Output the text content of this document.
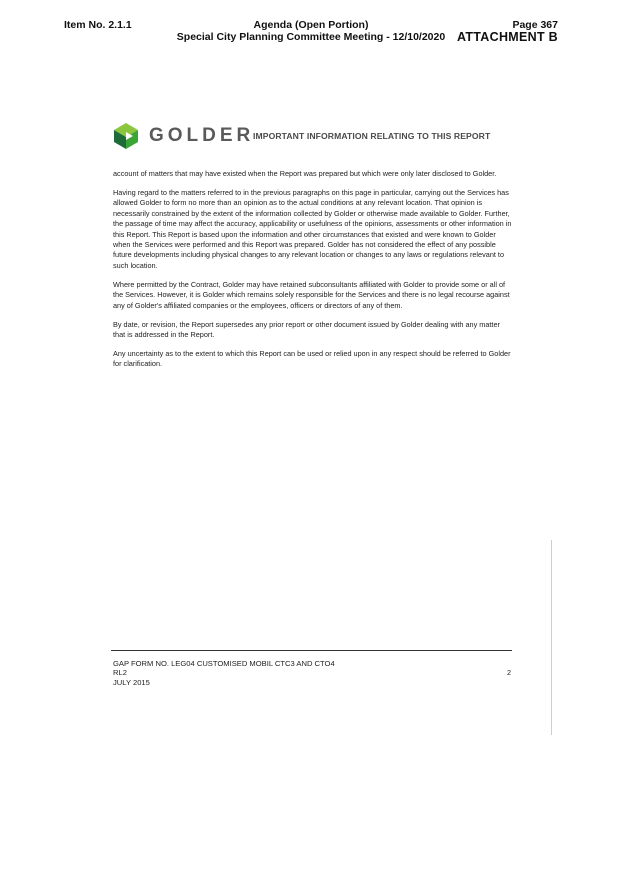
Item No. 2.1.1	Agenda (Open Portion)
Special City Planning Committee Meeting - 12/10/2020
Page 367
ATTACHMENT B
GOLDER
IMPORTANT INFORMATION RELATING TO THIS REPORT

account of matters that may have existed when the Report was prepared but which were only later disclosed to Golder.

Having regard to the matters referred to in the previous paragraphs on this page in particular, carrying out the Services has allowed Golder to form no more than an opinion as to the actual conditions at any relevant location. That opinion is necessarily constrained by the extent of the information collected by Golder or otherwise made available to Golder. Further, the passage of time may affect the accuracy, applicability or usefulness of the opinions, assessments or other information in this Report. This Report is based upon the information and other circumstances that existed and were known to Golder when the Services were performed and this Report was prepared. Golder has not considered the effect of any possible future developments including physical changes to any relevant location or changes to any laws or regulations relevant to such location.

Where permitted by the Contract, Golder may have retained subconsultants affiliated with Golder to provide some or all of the Services. However, it is Golder which remains solely responsible for the Services and there is no legal recourse against any of Golder's affiliated companies or the employees, officers or directors of any of them.

By date, or revision, the Report supersedes any prior report or other document issued by Golder dealing with any matter that is addressed in the Report.

Any uncertainty as to the extent to which this Report can be used or relied upon in any respect should be referred to Golder for clarification.

GAP FORM NO. LEG04 CUSTOMISED MOBIL CTC3 AND CTO4
RL2
JULY 2015
2
